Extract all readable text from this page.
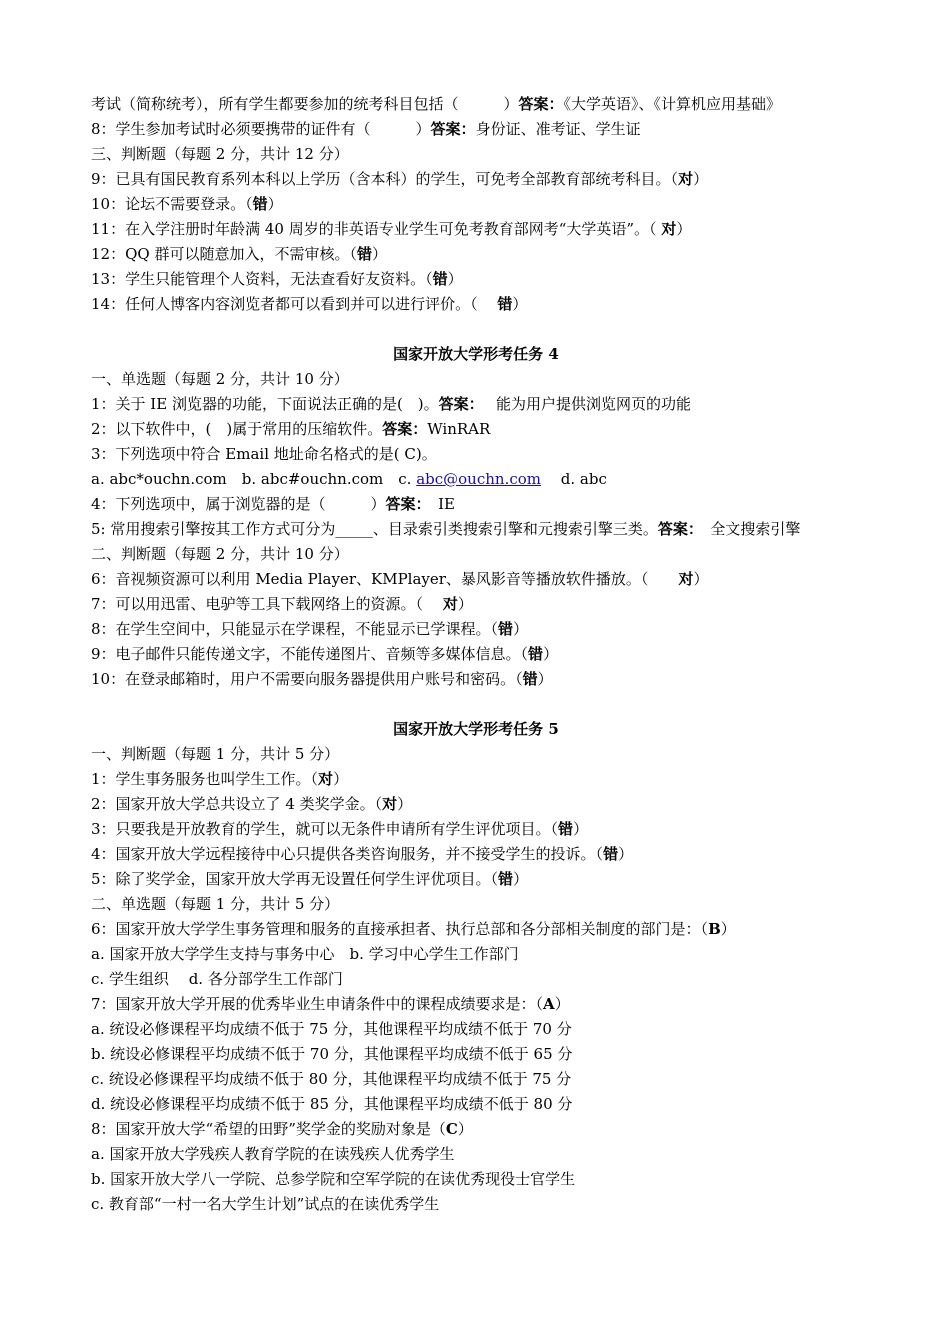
考试（简称统考），所有学生都要参加的统考科目包括（　　　）答案：《大学英语》、《计算机应用基础》
8：学生参加考试时必须要携带的证件有（　　　）答案：身份证、准考证、学生证
三、判断题（每题 2 分，共计 12 分）
9：已具有国民教育系列本科以上学历（含本科）的学生，可免考全部教育部统考科目。（对）
10：论坛不需要登录。（错）
11：在入学注册时年龄满 40 周岁的非英语专业学生可免考教育部网考“大学英语”。（ 对）
12：QQ 群可以随意加入，不需审核。（错）
13：学生只能管理个人资料，无法查看好友资料。（错）
14：任何人博客内容浏览者都可以看到并可以进行评价。（　 错）
国家开放大学形考任务 4
一、单选题（每题 2 分，共计 10 分）
1：关于 IE 浏览器的功能，下面说法正确的是(　)。答案：　 能为用户提供浏览网页的功能
2：以下软件中，(　)属于常用的压缩软件。答案：WinRAR
3：下列选项中符合 Email 地址命名格式的是( C)。
a. abc*ouchn.com　b. abc#ouchn.com　c. abc@ouchn.com　 d. abc
4：下列选项中，属于浏览器的是（　　　）答案：　IE
5: 常用搜索引擎按其工作方式可分为_____、目录索引类搜索引擎和元搜索引擎三类。答案：　全文搜索引擎
二、判断题（每题 2 分，共计 10 分）
6：音视频资源可以利用 Media Player、KMPlayer、暴风影音等播放软件播放。（　　对）
7：可以用迅雷、电驴等工具下载网络上的资源。（　 对）
8：在学生空间中，只能显示在学课程，不能显示已学课程。（错）
9：电子邮件只能传递文字，不能传递图片、音频等多媒体信息。（错）
10：在登录邮箱时，用户不需要向服务器提供用户账号和密码。（错）
国家开放大学形考任务 5
一、判断题（每题 1 分，共计 5 分）
1：学生事务服务也叫学生工作。（对）
2：国家开放大学总共设立了 4 类奖学金。（对）
3：只要我是开放教育的学生，就可以无条件申请所有学生评优项目。（错）
4：国家开放大学远程接待中心只提供各类咨询服务，并不接受学生的投诉。（错）
5：除了奖学金，国家开放大学再无设置任何学生评优项目。（错）
二、单选题（每题 1 分，共计 5 分）
6：国家开放大学学生事务管理和服务的直接承担者、执行总部和各分部相关制度的部门是：（B）
a. 国家开放大学学生支持与事务中心　b. 学习中心学生工作部门
c. 学生组织　 d. 各分部学生工作部门
7：国家开放大学开展的优秀毕业生申请条件中的课程成绩要求是：（A）
a. 统设必修课程平均成绩不低于 75 分，其他课程平均成绩不低于 70 分
b. 统设必修课程平均成绩不低于 70 分，其他课程平均成绩不低于 65 分
c. 统设必修课程平均成绩不低于 80 分，其他课程平均成绩不低于 75 分
d. 统设必修课程平均成绩不低于 85 分，其他课程平均成绩不低于 80 分
8：国家开放大学“希望的田野”奖学金的奖励对象是（C）
a. 国家开放大学残疾人教育学院的在读残疾人优秀学生
b. 国家开放大学八一学院、总参学院和空军学院的在读优秀现役士官学生
c. 教育部“一村一名大学生计划”试点的在读优秀学生
